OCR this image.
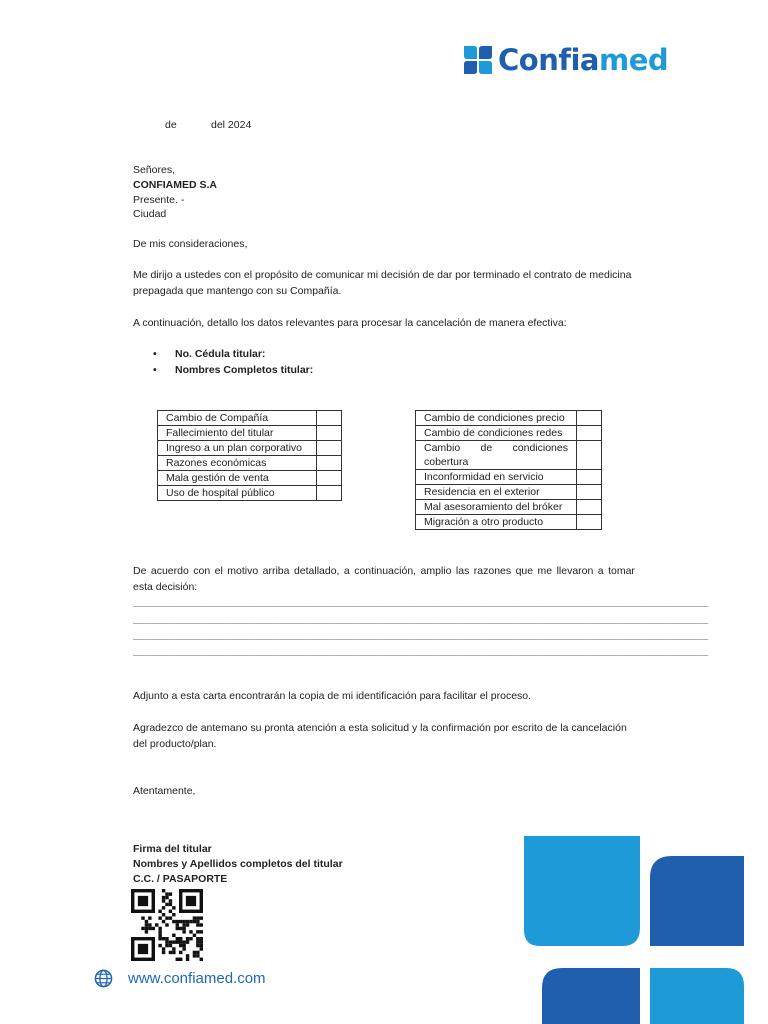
Confiamed
de	del 2024
Señores,
CONFIAMED S.A
Presente. -
Ciudad
De mis consideraciones,
Me dirijo a ustedes con el propósito de comunicar mi decisión de dar por terminado el contrato de medicina prepagada que mantengo con su Compañía.
A continuación, detallo los datos relevantes para procesar la cancelación de manera efectiva:
• No. Cédula titular:
• Nombres Completos titular:
Cambio de Compañía	
Fallecimiento del titular	
Ingreso a un plan corporativo	
Razones económicas	
Mala gestión de venta	
Uso de hospital público	
Cambio de condiciones precio	
Cambio de condiciones redes	

Cambio de condiciones
cobertura	

Inconformidad en servicio	
Residencia en el exterior	
Mal asesoramiento del bróker	
Migración a otro producto	
De acuerdo con el motivo arriba detallado, a continuación, amplio las razones que me llevaron a tomar
esta decisión:
______________________________________________________________________________________________
______________________________________________________________________________________________
______________________________________________________________________________________________
______________________________________________________________________________________________
Adjunto a esta carta encontrarán la copia de mi identificación para facilitar el proceso.
Agradezco de antemano su pronta atención a esta solicitud y la confirmación por escrito de la cancelación del producto/plan.
Atentamente,
Firma del titular
Nombres y Apellidos completos del titular
C.C. / PASAPORTE
www.confiamed.com
